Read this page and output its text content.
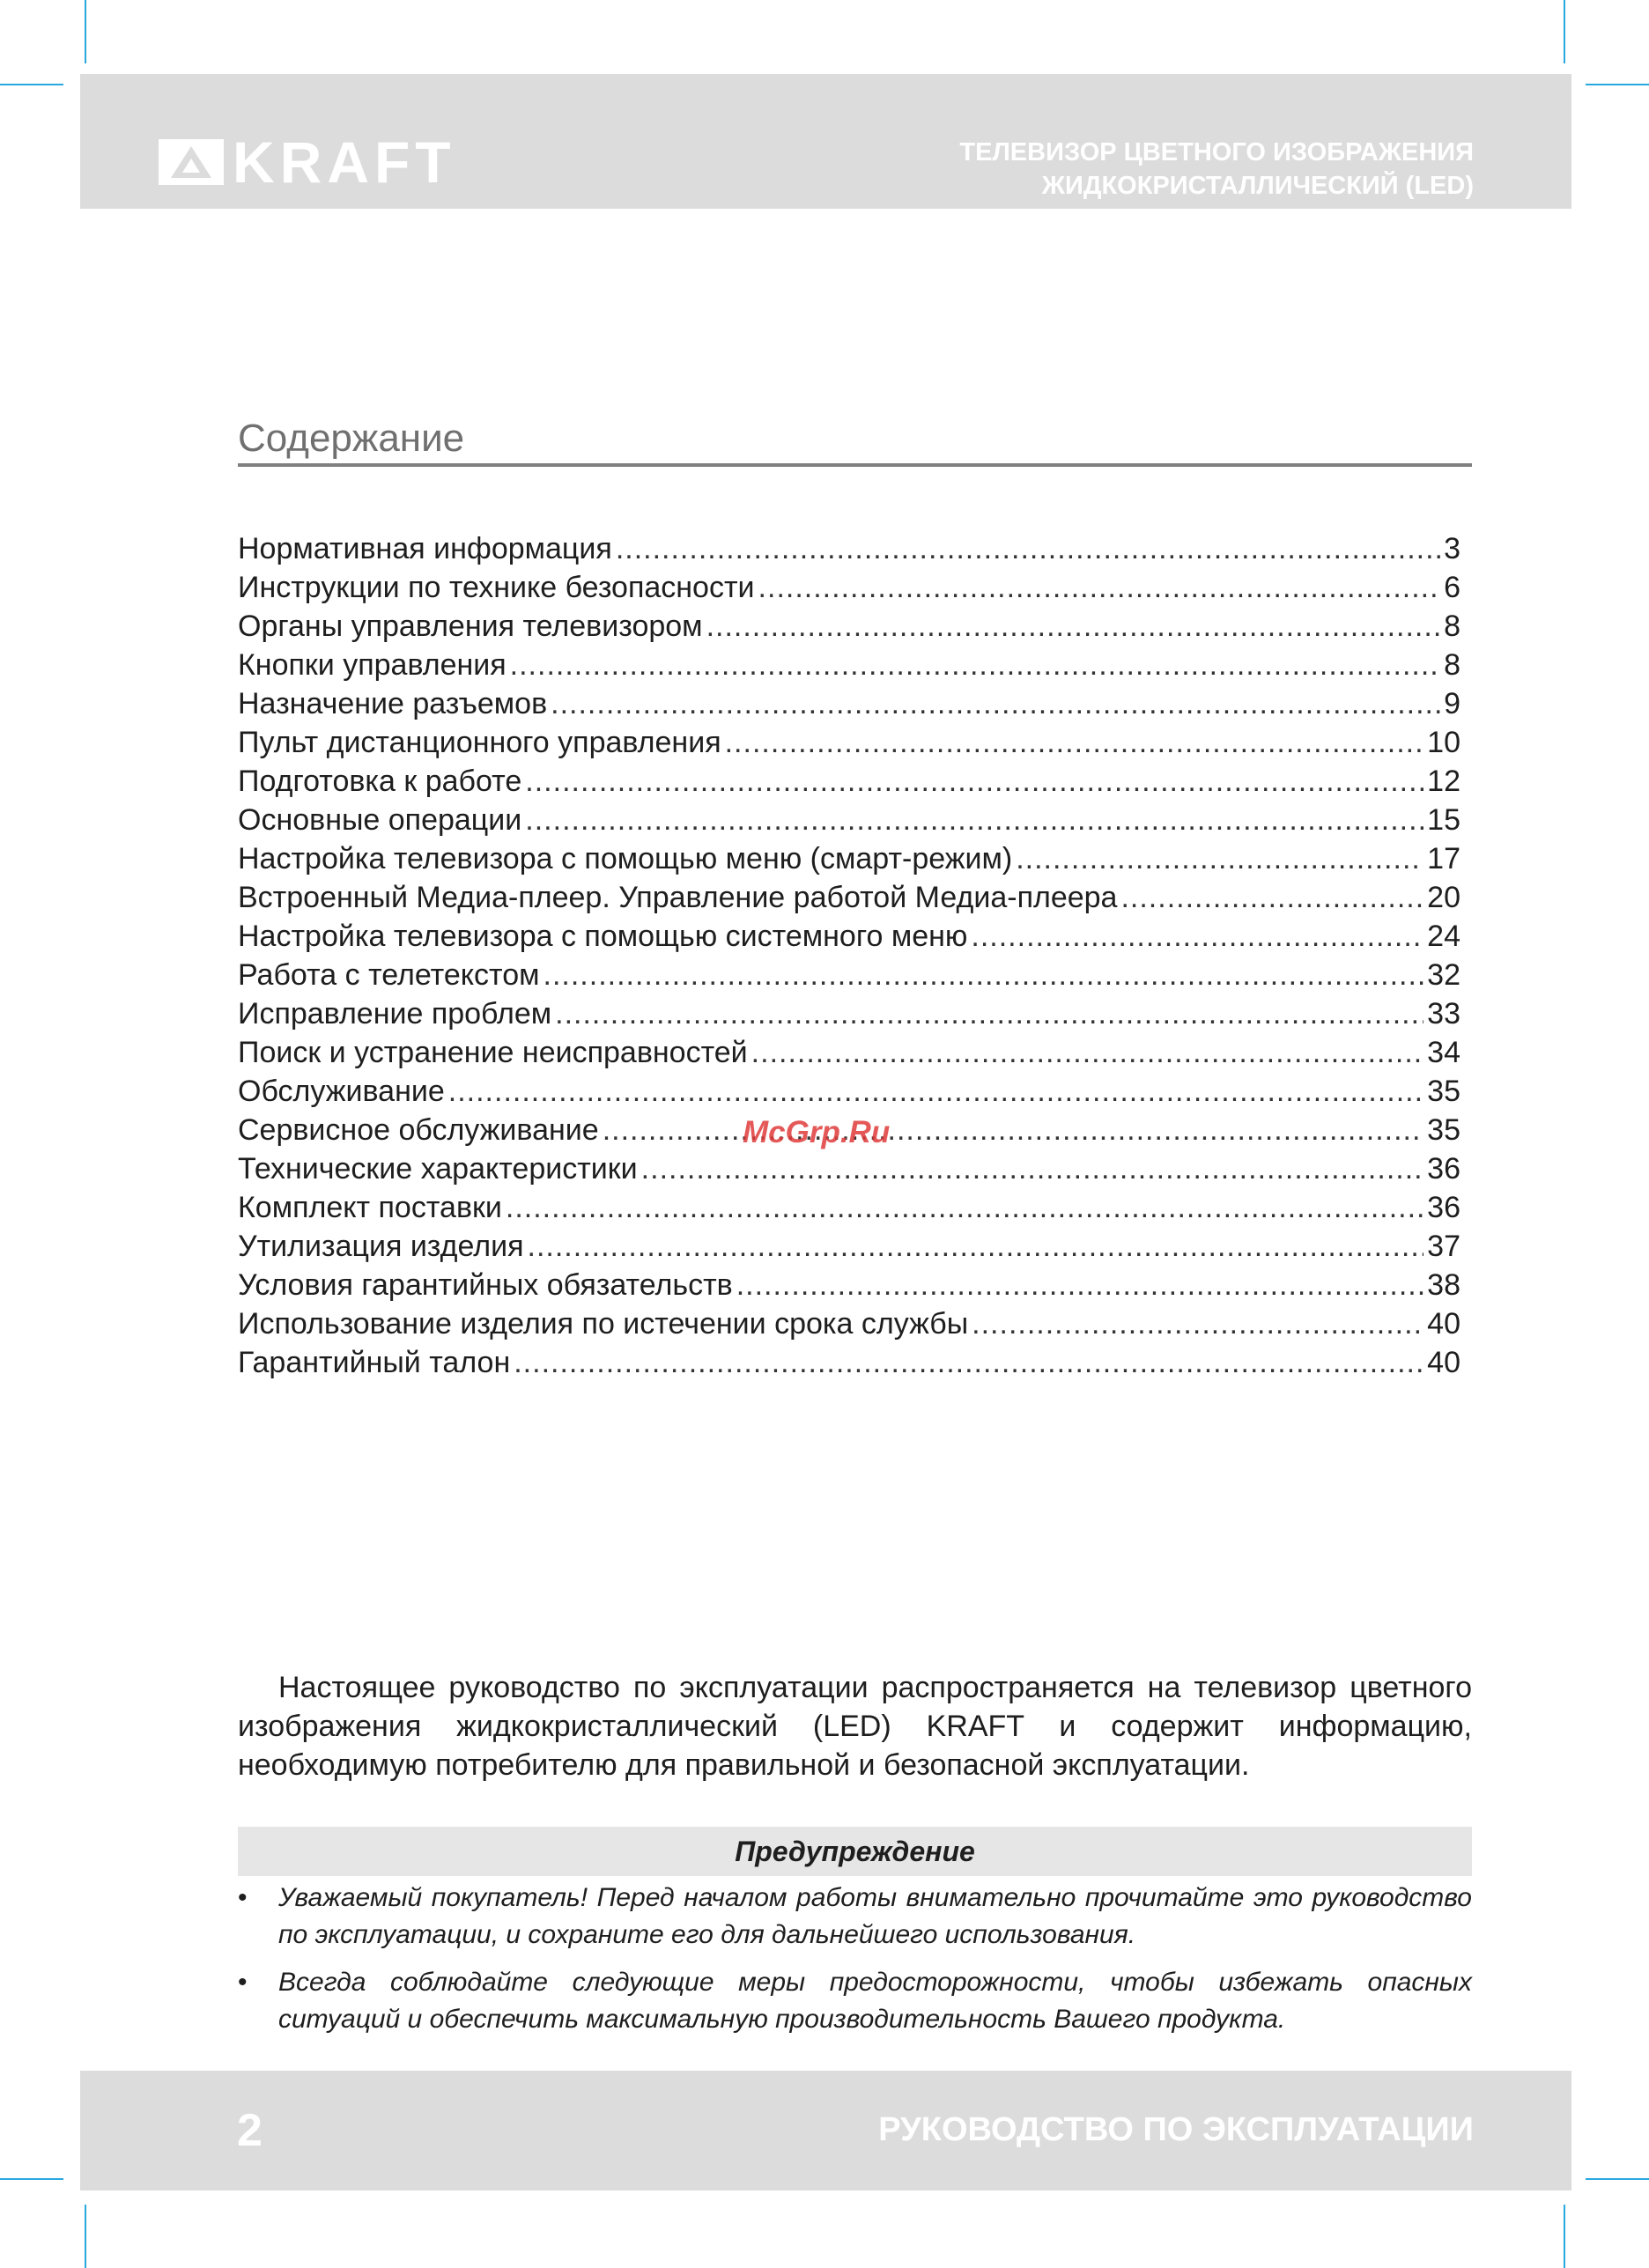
KRAFT	ТЕЛЕВИЗОР ЦВЕТНОГО ИЗОБРАЖЕНИЯ
ЖИДКОКРИСТАЛЛИЧЕСКИЙ (LED)
Содержание
Нормативная информация .....	3
Инструкции по технике безопасности .....	6
Органы управления телевизором .....	8
Кнопки управления .....	8
Назначение разъемов .....	9
Пульт дистанционного управления .....	10
Подготовка к работе .....	12
Основные операции .....	15
Настройка телевизора с помощью меню (смарт-режим) .....	17
Встроенный Медиа-плеер. Управление работой Медиа-плеера .....	20
Настройка телевизора с помощью системного меню .....	24
Работа с телетекстом .....	32
Исправление проблем .....	33
Поиск и устранение неисправностей .....	34
Обслуживание .....	35
Сервисное обслуживание .....	35
Технические характеристики .....	36
Комплект поставки .....	36
Утилизация изделия .....	37
Условия гарантийных обязательств .....	38
Использование изделия по истечении срока службы .....	40
Гарантийный талон .....	40
McGrp.Ru

Настоящее руководство по эксплуатации распространяется на телевизор цветного изображения жидкокристаллический (LED) KRAFT и содержит информацию, необходимую потребителю для правильной и безопасной эксплуатации.

Предупреждение
• Уважаемый покупатель! Перед началом работы внимательно прочитайте это руководство по эксплуатации, и сохраните его для дальнейшего использования.
• Всегда соблюдайте следующие меры предосторожности, чтобы избежать опасных ситуаций и обеспечить максимальную производительность Вашего продукта.
2	РУКОВОДСТВО ПО ЭКСПЛУАТАЦИИ
